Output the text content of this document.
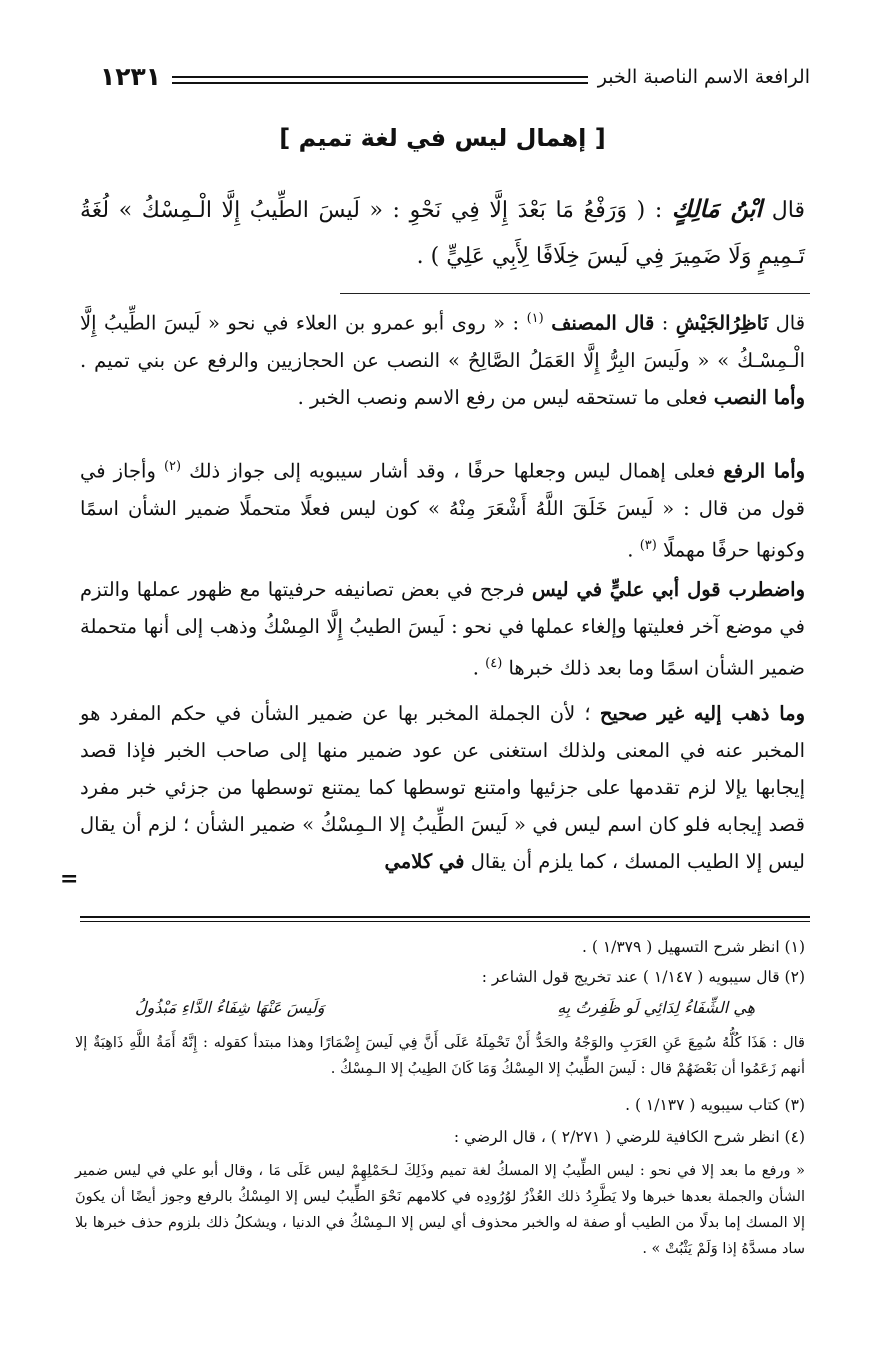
الرافعة الاسم الناصبة الخبر
١٢٣١
[ إهمال ليس في لغة تميم ]
قال ابْنُ مَالِكٍ : ( وَرَفْعُ مَا بَعْدَ إِلَّا فِي نَحْوِ : « لَيسَ الطِّيبُ إِلَّا الْـمِسْكُ » لُغَةُ تَـمِيمٍ وَلَا ضَمِيرَ فِي لَيسَ خِلَافًا لِأَبِي عَلِيٍّ ) .

قال نَاظِرُالجَيْشِ : قال المصنف $^{(١)}$ : « روى أبو عمرو بن العلاء في نحو « لَيسَ الطِّيبُ إِلَّا الْـمِسْـكُ » « ولَيسَ البِرُّ إِلَّا العَمَلُ الصَّالِحُ » النصب عن الحجازيين والرفع عن بني تميم . وأما النصب فعلى ما تستحقه ليس من رفع الاسم ونصب الخبر .

وأما الرفع فعلى إهمال ليس وجعلها حرفًا ، وقد أشار سيبويه إلى جواز ذلك $^{(٢)}$ وأجاز في قول من قال : « لَيسَ خَلَقَ اللَّهُ أَشْعَرَ مِنْهُ » كون ليس فعلًا متحملًا ضمير الشأن اسمًا وكونها حرفًا مهملًا $^{(٣)}$ .

واضطرب قول أبي عليٍّ في ليس فرجح في بعض تصانيفه حرفيتها مع ظهور عملها والتزم في موضع آخر فعليتها وإلغاء عملها في نحو : لَيسَ الطيبُ إِلَّا المِسْكُ وذهب إلى أنها متحملة ضمير الشأن اسمًا وما بعد ذلك خبرها $^{(٤)}$ .

وما ذهب إليه غير صحيح ؛ لأن الجملة المخبر بها عن ضمير الشأن في حكم المفرد هو المخبر عنه في المعنى ولذلك استغنى عن عود ضمير منها إلى صاحب الخبر فإذا قصد إيجابها يإلا لزم تقدمها على جزئيها وامتنع توسطها كما يمتنع توسطها من جزئي خبر مفرد قصد إيجابه فلو كان اسم ليس في « لَيسَ الطِّيبُ إلا الـمِسْكُ » ضمير الشأن ؛ لزم أن يقال ليس إلا الطيب المسك ، كما يلزم أن يقال في كلامي

=

(١) انظر شرح التسهيل ( ١/٣٧٩ ) .

(٢) قال سيبويه ( ١/١٤٧ ) عند تخريج قول الشاعر :

هِي الشِّفَاءُ لِدَائِي لَو ظَفِرتُ بِهِ
وَلَيسَ عَنْهَا شِفَاءُ الدَّاءِ مَبْذُولُ

قال : هَذَا كُلُّهُ سُمِعَ عَنِ العَرَبِ والوَجْهُ والحَدُّ أَنْ تَحْمِلَهُ عَلَى أَنَّ فِي لَيسَ إِضْمَارًا وهذا مبتدأ كقوله : إِنَّهُ أَمَةُ اللَّهِ ذَاهِبَةٌ إلا أنهم زَعَمُوا أن بَعْضَهُمْ قال : لَيسَ الطِّيبُ إلا المِسْكُ وَمَا كَانَ الطِيبُ إلا الـمِسْكُ .

(٣) كتاب سيبويه ( ١/١٣٧ ) .

(٤) انظر شرح الكافية للرضي ( ٢/٢٧١ ) ، قال الرضي :

« ورفع ما بعد إلا في نحو : ليس الطِّيبُ إلا المسكُ لغة تميم وذَلِكَ لـحَمْلِهِمْ ليس عَلَى مَا ، وقال أبو علي في ليس ضمير الشأن والجملة بعدها خبرها ولا يَطَّرِدُ ذلك العُذْرُ لوُرُودِه في كلامهم نَحْوَ الطِّيبُ ليس إلا المِسْكُ بالرفع وجوز أيضًا أن يكونَ إلا المسك إما بدلًا من الطيب أو صفة له والخبر محذوف أي ليس إلا الـمِسْكُ في الدنيا ، ويشكلُ ذلك بلزوم حذف خبرها بلا ساد مسدَّهُ إذا وَلَمْ يَثْبُتْ » .
